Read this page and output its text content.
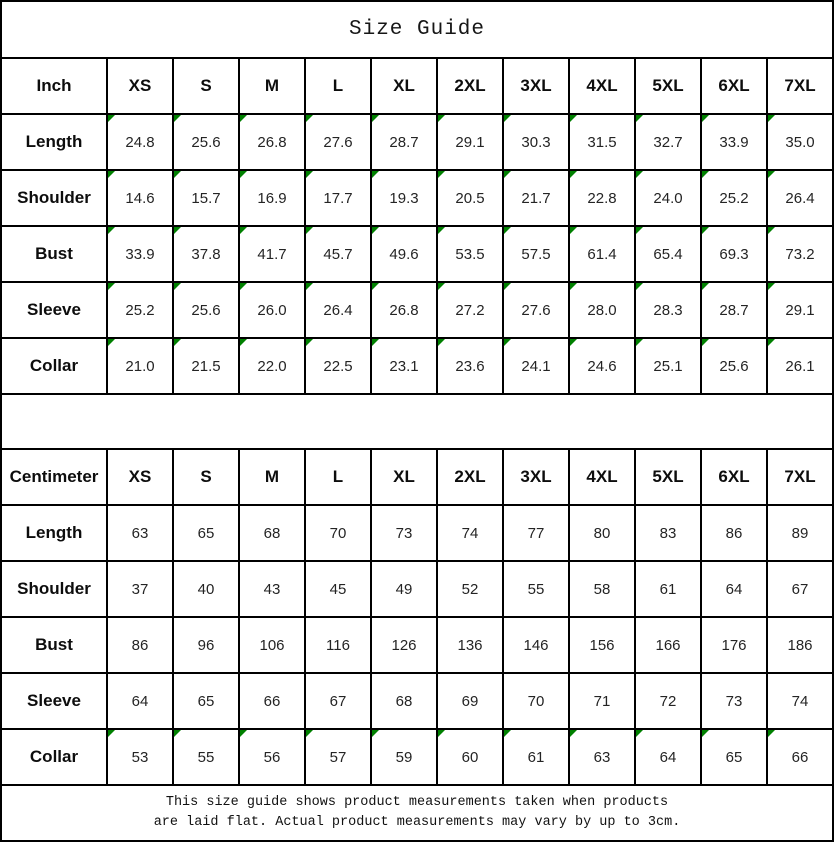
Size Guide
Inch	XS	S	M	L	XL	2XL	3XL	4XL	5XL	6XL	7XL
Length	24.8	25.6	26.8	27.6	28.7	29.1	30.3	31.5	32.7	33.9	35.0
Shoulder	14.6	15.7	16.9	17.7	19.3	20.5	21.7	22.8	24.0	25.2	26.4
Bust	33.9	37.8	41.7	45.7	49.6	53.5	57.5	61.4	65.4	69.3	73.2
Sleeve	25.2	25.6	26.0	26.4	26.8	27.2	27.6	28.0	28.3	28.7	29.1
Collar	21.0	21.5	22.0	22.5	23.1	23.6	24.1	24.6	25.1	25.6	26.1
Centimeter	XS	S	M	L	XL	2XL	3XL	4XL	5XL	6XL	7XL
Length	63	65	68	70	73	74	77	80	83	86	89
Shoulder	37	40	43	45	49	52	55	58	61	64	67
Bust	86	96	106	116	126	136	146	156	166	176	186
Sleeve	64	65	66	67	68	69	70	71	72	73	74
Collar	53	55	56	57	59	60	61	63	64	65	66
This size guide shows product measurements taken when products
are laid flat. Actual product measurements may vary by up to 3cm.
